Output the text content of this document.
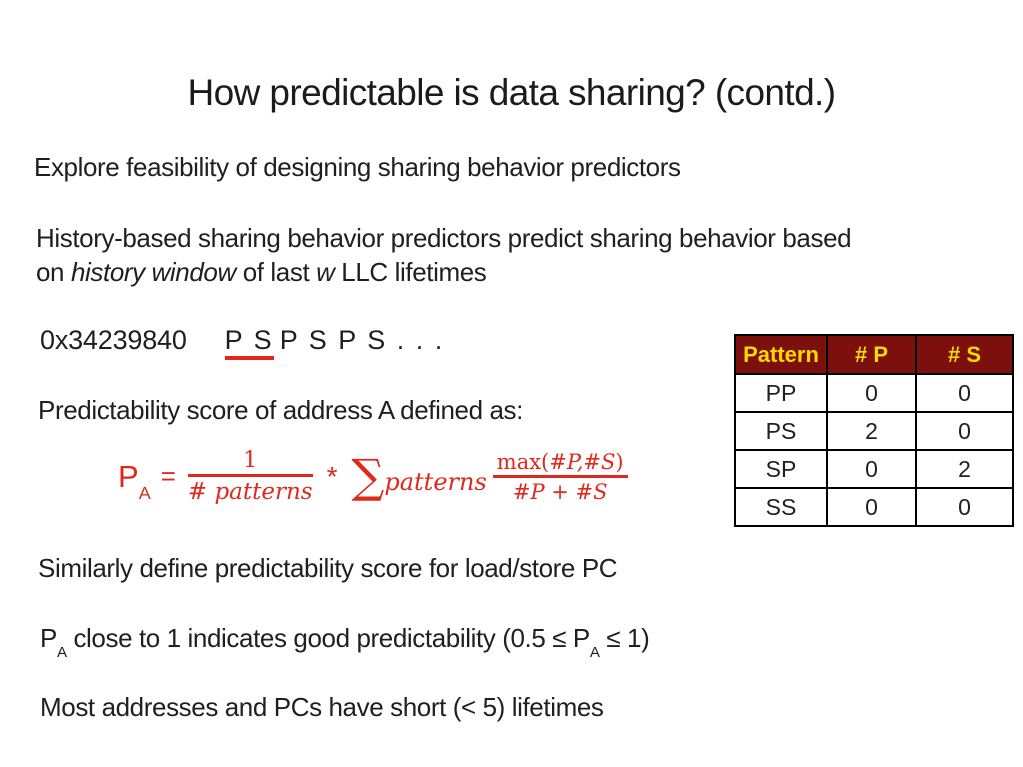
How predictable is data sharing? (contd.)
Explore feasibility of designing sharing behavior predictors
History-based sharing behavior predictors predict sharing behavior based
on history window of last w LLC lifetimes
0x34239840 P S P S P S . . .
Predictability score of address A defined as:
$P_A$
= $\frac{1}{\text{\# patterns}}$ * ∑ patterns $\frac{\max(\#P,\#S)}{\#P + \#S}$
Pattern	# P	# S
PP	0	0
PS	2	0
SP	0	2
SS	0	0
Similarly define predictability score for load/store PC
$P_A$ close to 1 indicates good predictability $(0.5 \le P_A \le 1)$
Most addresses and PCs have short (< 5) lifetimes
